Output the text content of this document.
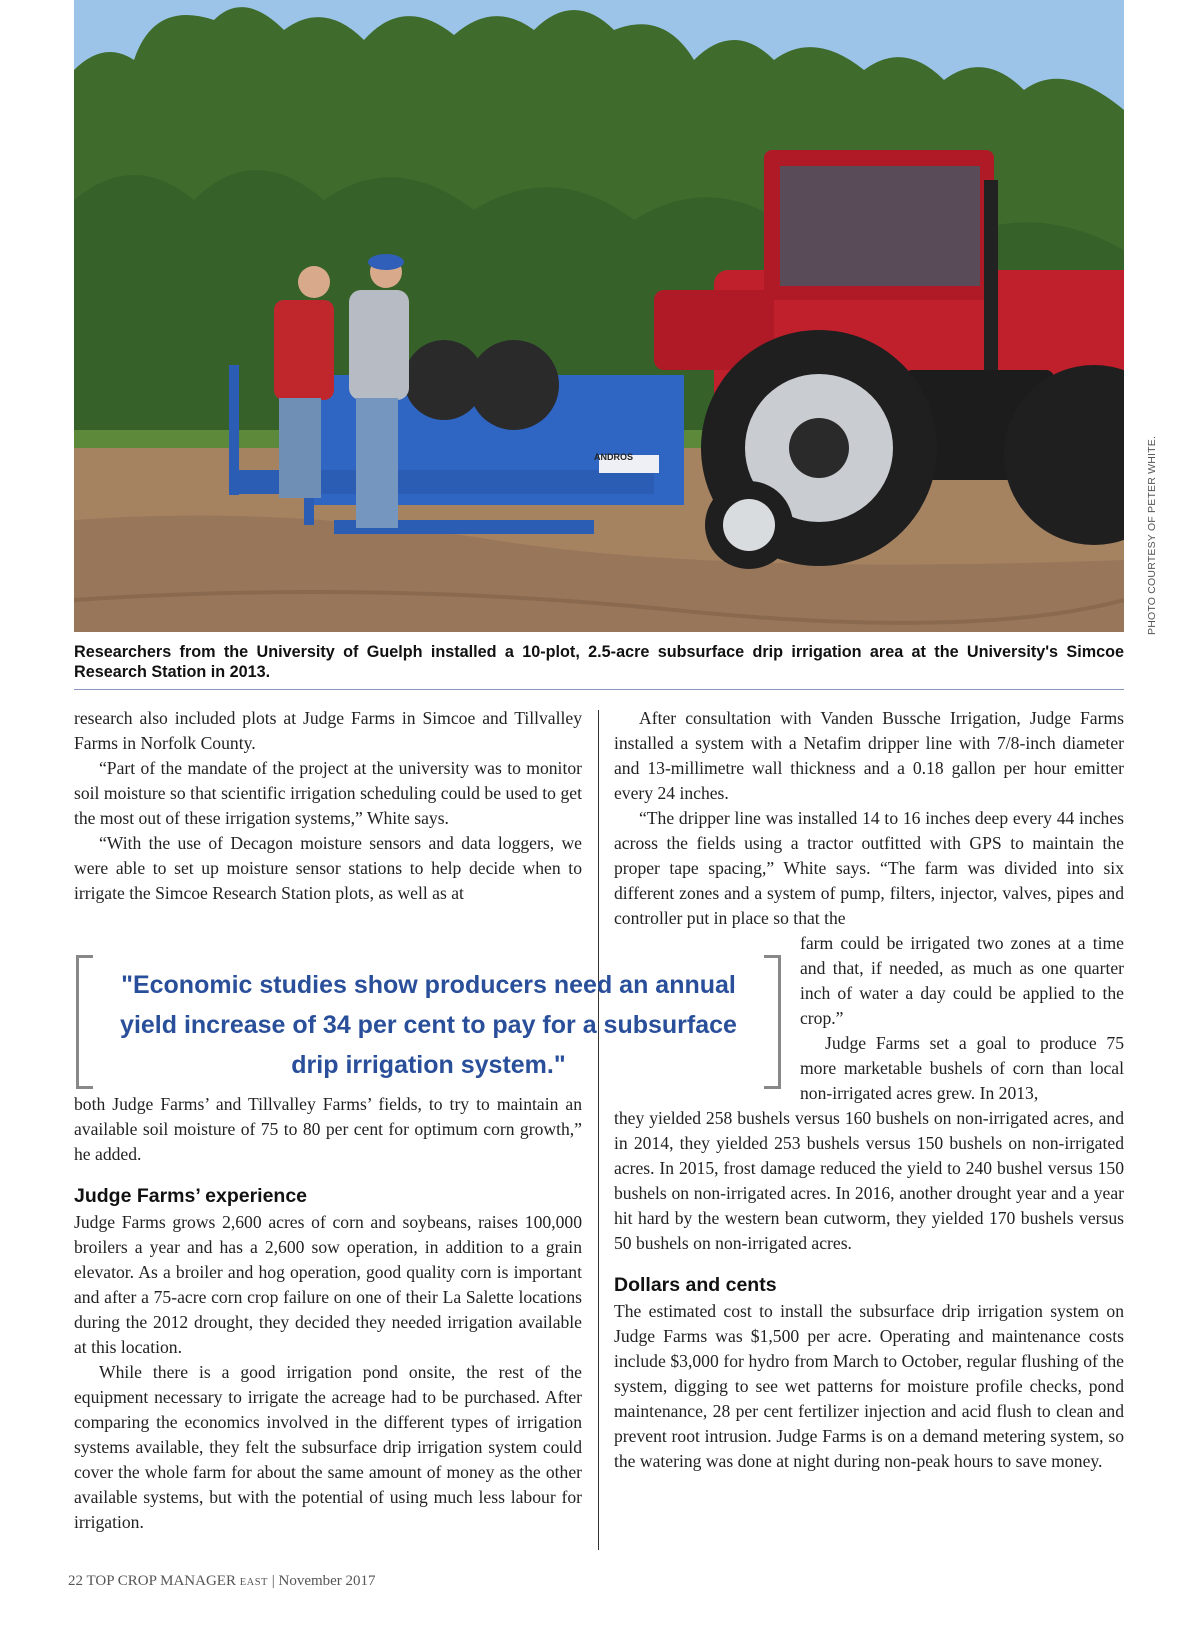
ANDROS	PHOTO COURTESY OF PETER WHITE.
Researchers from the University of Guelph installed a 10-plot, 2.5-acre subsurface drip irrigation area at the University's Simcoe Research Station in 2013.

research also included plots at Judge Farms in Simcoe and Tillvalley Farms in Norfolk County.

“Part of the mandate of the project at the university was to monitor soil moisture so that scientific irrigation scheduling could be used to get the most out of these irrigation systems,” White says.

“With the use of Decagon moisture sensors and data loggers, we were able to set up moisture sensor stations to help decide when to irrigate the Simcoe Research Station plots, as well as at

"Economic studies show producers need an annual yield increase of 34 per cent to pay for a subsurface drip irrigation system."

both Judge Farms’ and Tillvalley Farms’ fields, to try to maintain an available soil moisture of 75 to 80 per cent for optimum corn growth,” he added.

Judge Farms’ experience

Judge Farms grows 2,600 acres of corn and soybeans, raises 100,000 broilers a year and has a 2,600 sow operation, in addition to a grain elevator. As a broiler and hog operation, good quality corn is important and after a 75-acre corn crop failure on one of their La Salette locations during the 2012 drought, they decided they needed irrigation available at this location.

While there is a good irrigation pond onsite, the rest of the equipment necessary to irrigate the acreage had to be purchased. After comparing the economics involved in the different types of irrigation systems available, they felt the subsurface drip irrigation system could cover the whole farm for about the same amount of money as the other available systems, but with the potential of using much less labour for irrigation.

After consultation with Vanden Bussche Irrigation, Judge Farms installed a system with a Netafim dripper line with 7/8-inch diameter and 13-millimetre wall thickness and a 0.18 gallon per hour emitter every 24 inches.

“The dripper line was installed 14 to 16 inches deep every 44 inches across the fields using a tractor outfitted with GPS to maintain the proper tape spacing,” White says. “The farm was divided into six different zones and a system of pump, filters, injector, valves, pipes and controller put in place so that the

farm could be irrigated two zones at a time and that, if needed, as much as one quarter inch of water a day could be applied to the crop.”

Judge Farms set a goal to produce 75 more marketable bushels of corn than local non-irrigated acres grew. In 2013,

they yielded 258 bushels versus 160 bushels on non-irrigated acres, and in 2014, they yielded 253 bushels versus 150 bushels on non-irrigated acres. In 2015, frost damage reduced the yield to 240 bushel versus 150 bushels on non-irrigated acres. In 2016, another drought year and a year hit hard by the western bean cutworm, they yielded 170 bushels versus 50 bushels on non-irrigated acres.

Dollars and cents

The estimated cost to install the subsurface drip irrigation system on Judge Farms was $1,500 per acre. Operating and maintenance costs include $3,000 for hydro from March to October, regular flushing of the system, digging to see wet patterns for moisture profile checks, pond maintenance, 28 per cent fertilizer injection and acid flush to clean and prevent root intrusion. Judge Farms is on a demand metering system, so the watering was done at night during non-peak hours to save money.

22 TOP CROP MANAGER EAST | November 2017
